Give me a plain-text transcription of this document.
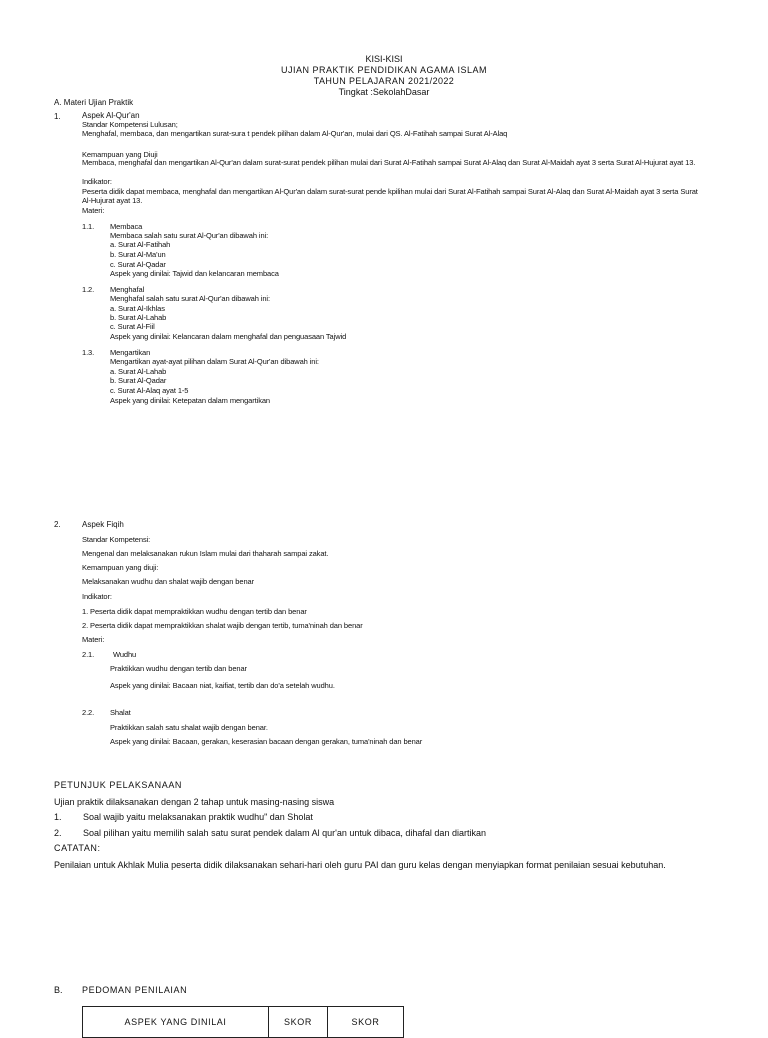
KISI-KISI
UJIAN PRAKTIK PENDIDIKAN AGAMA ISLAM
TAHUN PELAJARAN 2021/2022
Tingkat :SekolahDasar
A. Materi Ujian Praktik
1.	Aspek Al-Qur'an
Standar Kompetensi Lulusan;
Menghafal, membaca, dan mengartikan surat-sura t pendek pilihan dalam Al-Qur'an, mulai dari QS. Al-Fatihah sampai Surat Al-Alaq
Kemampuan yang Diuji
Membaca, menghafal dan mengartikan Al-Qur'an dalam surat-surat pendek pilihan mulai dari Surat Al-Fatihah sampai Surat Al-Alaq dan Surat Al-Maidah ayat 3 serta Surat Al-Hujurat ayat 13.
Indikator:
Peserta didik dapat membaca, menghafal dan mengartikan Al-Qur'an dalam surat-surat pende kpilihan mulai dari Surat Al-Fatihah sampai Surat Al-Alaq dan Surat Al-Maidah ayat 3 serta Surat Al-Hujurat ayat 13.
Materi:
1.1. Membaca
Membaca salah satu surat Al-Qur'an dibawah ini:
a. Surat Al-Fatihah
b. Surat Al-Ma'un
c. Surat Al-Qadar
Aspek yang dinilai: Tajwid dan kelancaran membaca
1.2. Menghafal
Menghafal salah satu surat Al-Qur'an dibawah ini:
a. Surat Al-Ikhlas
b. Surat Al-Lahab
c. Surat Al-Fiil
Aspek yang dinilai: Kelancaran dalam menghafal dan penguasaan Tajwid
1.3. Mengartikan
Mengartikan ayat-ayat pilihan dalam Surat Al-Qur'an dibawah ini:
a. Surat Al-Lahab
b. Surat Al-Qadar
c. Surat Al-Alaq ayat 1-5
Aspek yang dinilai: Ketepatan dalam mengartikan
2.	Aspek Fiqih
Standar Kompetensi:
Mengenal dan melaksanakan rukun Islam mulai dari thaharah sampai zakat.
Kemampuan yang diuji:
Melaksanakan wudhu dan shalat wajib dengan benar
Indikator:
1. Peserta didik dapat mempraktikkan wudhu dengan tertib dan benar
2. Peserta didik dapat mempraktikkan shalat wajib dengan tertib, tuma'ninah dan benar
Materi:
2.1.	Wudhu
Praktikkan wudhu dengan tertib dan benar
Aspek yang dinilai: Bacaan niat, kaifiat, tertib dan do'a setelah wudhu.
2.2. Shalat
Praktikkan salah satu shalat wajib dengan benar.
Aspek yang dinilai: Bacaan, gerakan, keserasian bacaan dengan gerakan, tuma'ninah dan benar
PETUNJUK PELAKSANAAN
Ujian praktik dilaksanakan dengan 2 tahap untuk masing-nasing siswa
1. Soal wajib yaitu melaksanakan praktik wudhu" dan Sholat
2. Soal pilihan yaitu memilih salah satu surat pendek dalam Al qur'an untuk dibaca, dihafal dan diartikan
CATATAN:
Penilaian untuk Akhlak Mulia peserta didik dilaksanakan sehari-hari oleh guru PAI dan guru kelas dengan menyiapkan format penilaian sesuai kebutuhan.
B. PEDOMAN PENILAIAN
ASPEK YANG DINILAI	SKOR	SKOR
